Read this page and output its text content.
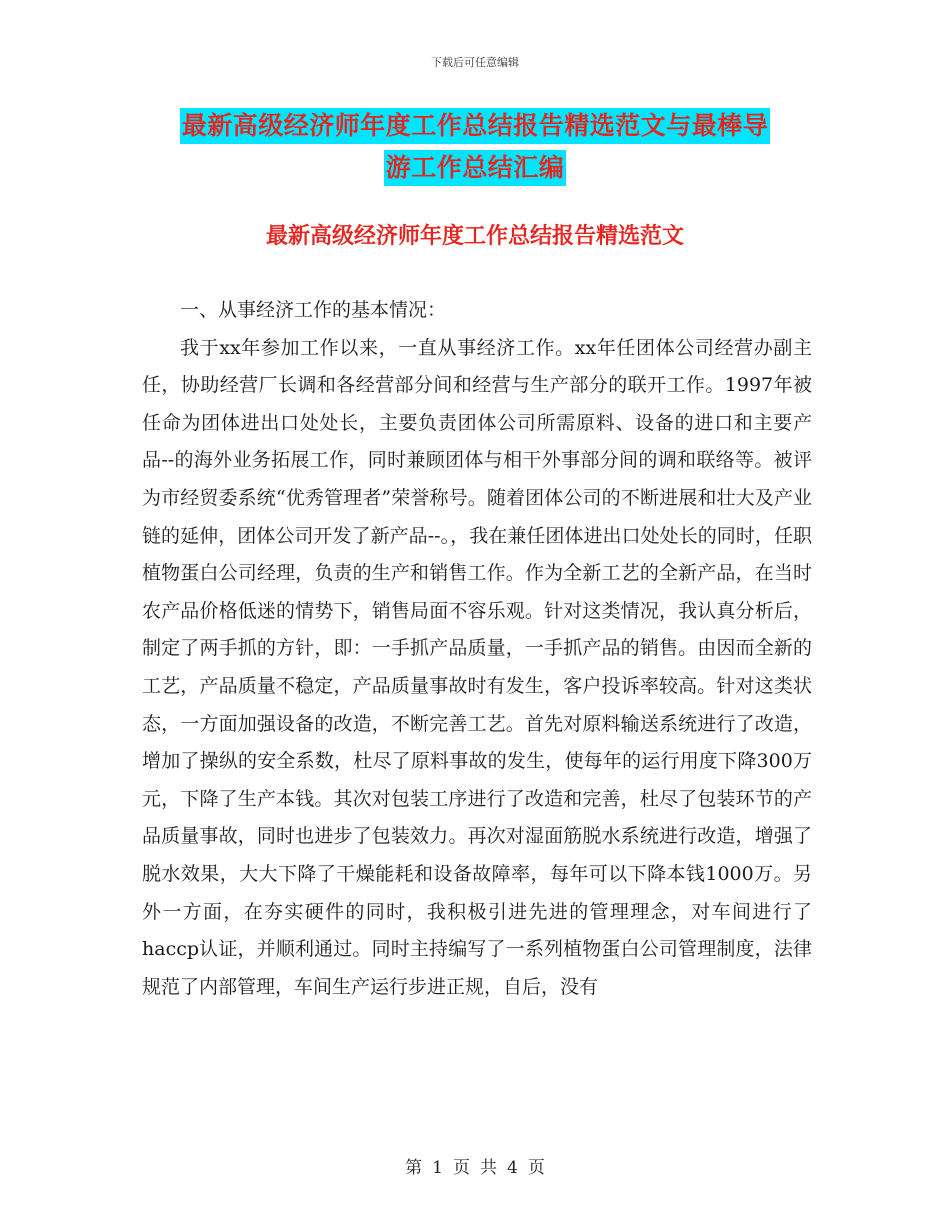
下载后可任意编辑
最新高级经济师年度工作总结报告精选范文与最棒导
游工作总结汇编
最新高级经济师年度工作总结报告精选范文

一、从事经济工作的基本情况：

我于xx年参加工作以来，一直从事经济工作。xx年任团体公司经营办副主任，协助经营厂长调和各经营部分间和经营与生产部分的联开工作。1997年被任命为团体进出口处处长，主要负责团体公司所需原料、设备的进口和主要产品--的海外业务拓展工作，同时兼顾团体与相干外事部分间的调和联络等。被评为市经贸委系统“优秀管理者”荣誉称号。随着团体公司的不断进展和壮大及产业链的延伸，团体公司开发了新产品--。，我在兼任团体进出口处处长的同时，任职植物蛋白公司经理，负责的生产和销售工作。作为全新工艺的全新产品，在当时农产品价格低迷的情势下，销售局面不容乐观。针对这类情况，我认真分析后，制定了两手抓的方针，即：一手抓产品质量，一手抓产品的销售。由因而全新的工艺，产品质量不稳定，产品质量事故时有发生，客户投诉率较高。针对这类状态，一方面加强设备的改造，不断完善工艺。首先对原料输送系统进行了改造，增加了操纵的安全系数，杜尽了原料事故的发生，使每年的运行用度下降300万元，下降了生产本钱。其次对包装工序进行了改造和完善，杜尽了包装环节的产品质量事故，同时也进步了包装效力。再次对湿面筋脱水系统进行改造，增强了脱水效果，大大下降了干燥能耗和设备故障率，每年可以下降本钱1000万。另外一方面，在夯实硬件的同时，我积极引进先进的管理理念，对车间进行了haccp认证，并顺利通过。同时主持编写了一系列植物蛋白公司管理制度，法律规范了内部管理，车间生产运行步进正规，自后，没有

第 1 页 共 4 页
